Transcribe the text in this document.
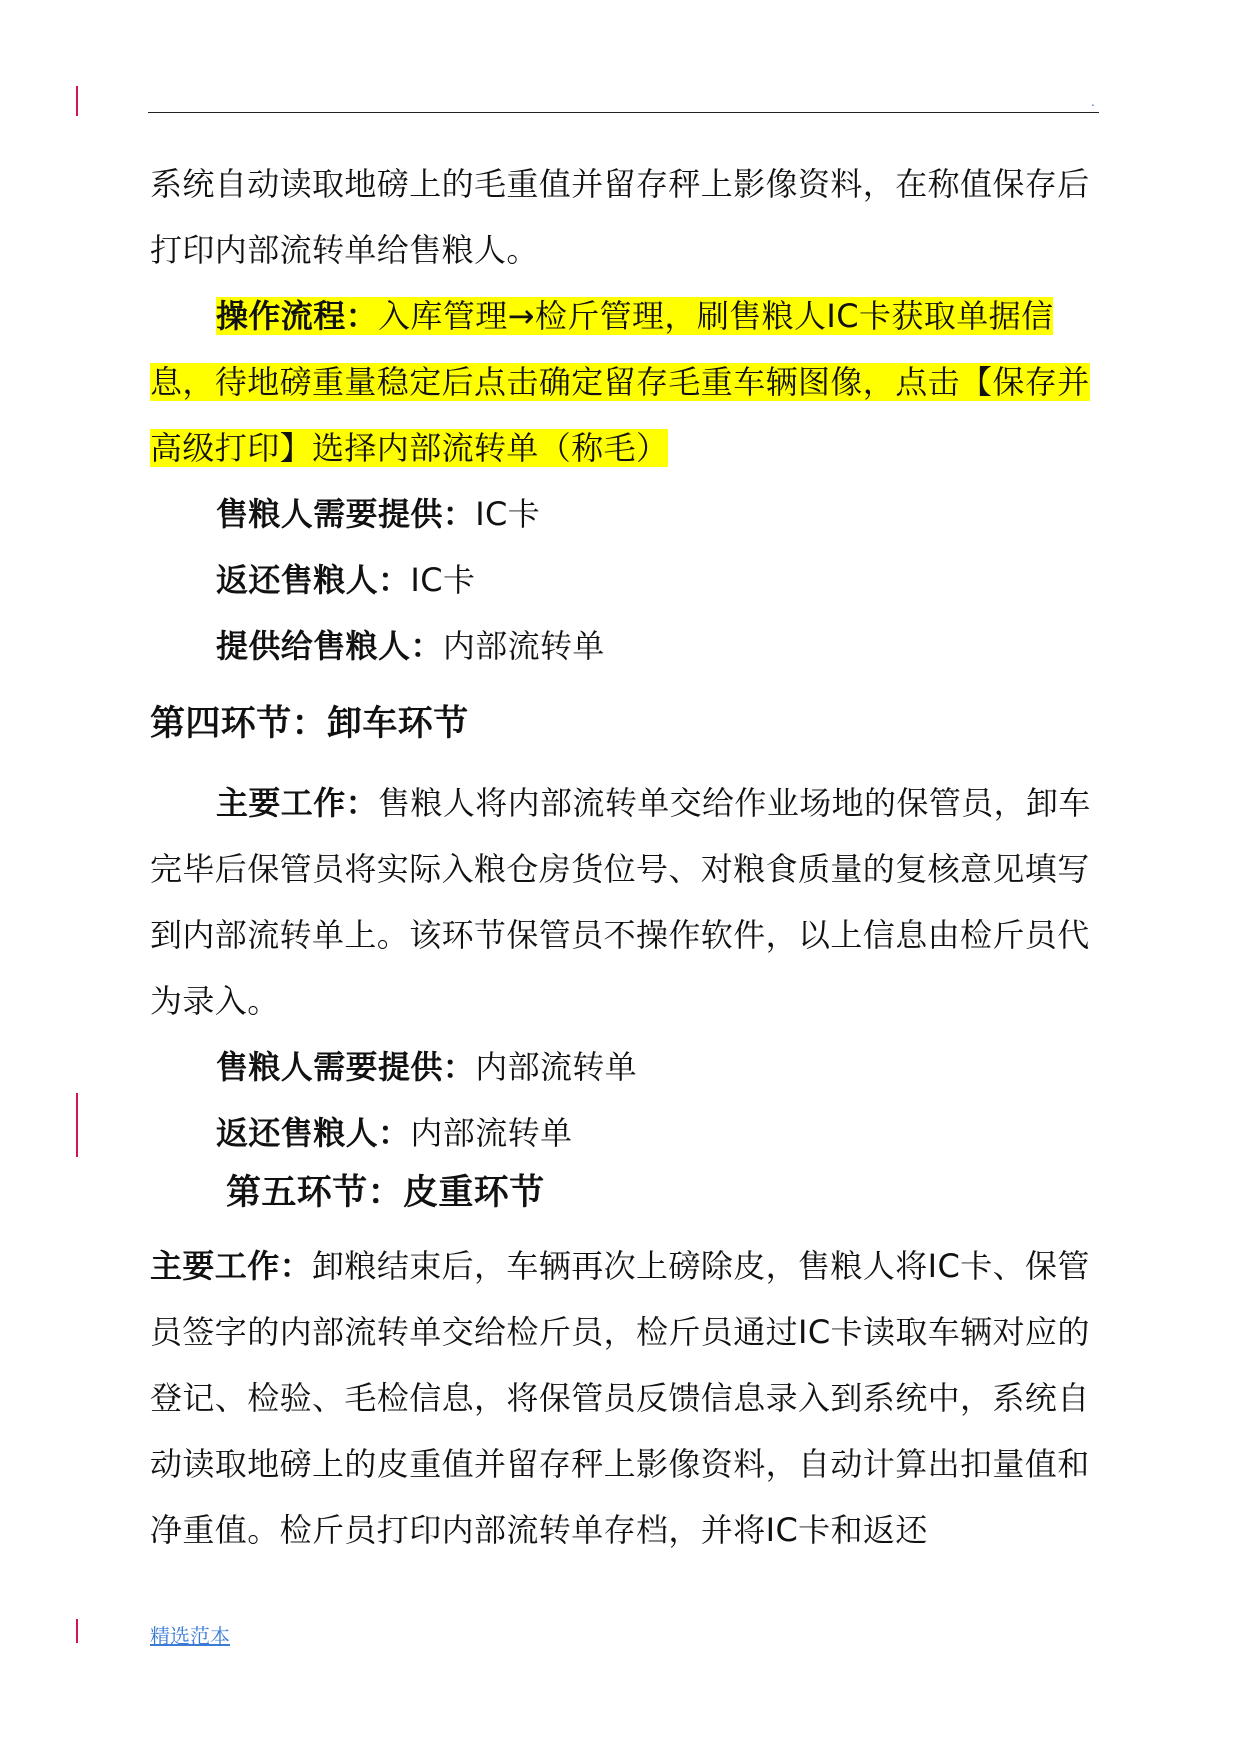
.

系统自动读取地磅上的毛重值并留存秤上影像资料，在称值保存后打印内部流转单给售粮人。

操作流程：入库管理→检斤管理，刷售粮人IC卡获取单据信息，待地磅重量稳定后点击确定留存毛重车辆图像，点击【保存并高级打印】选择内部流转单（称毛）

售粮人需要提供：IC卡

返还售粮人：IC卡

提供给售粮人：内部流转单

第四环节：卸车环节

主要工作：售粮人将内部流转单交给作业场地的保管员，卸车完毕后保管员将实际入粮仓房货位号、对粮食质量的复核意见填写到内部流转单上。该环节保管员不操作软件，以上信息由检斤员代为录入。

售粮人需要提供：内部流转单

返还售粮人：内部流转单

第五环节：皮重环节

主要工作：卸粮结束后，车辆再次上磅除皮，售粮人将IC卡、保管员签字的内部流转单交给检斤员，检斤员通过IC卡读取车辆对应的登记、检验、毛检信息，将保管员反馈信息录入到系统中，系统自动读取地磅上的皮重值并留存秤上影像资料，自动计算出扣量值和净重值。检斤员打印内部流转单存档，并将IC卡和返还

精选范本
